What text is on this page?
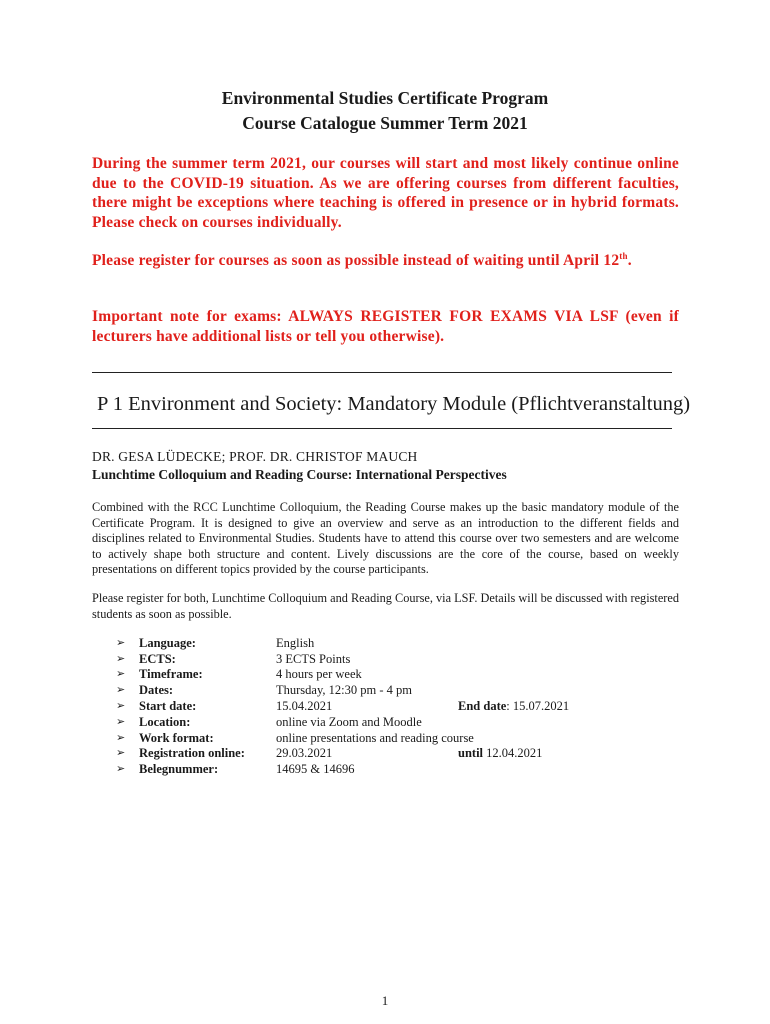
Environmental Studies Certificate Program
Course Catalogue Summer Term 2021
During the summer term 2021, our courses will start and most likely continue online due to the COVID-19 situation. As we are offering courses from different faculties, there might be exceptions where teaching is offered in presence or in hybrid formats. Please check on courses individually.
Please register for courses as soon as possible instead of waiting until April 12th.
Important note for exams: ALWAYS REGISTER FOR EXAMS VIA LSF (even if lecturers have additional lists or tell you otherwise).
P 1 Environment and Society: Mandatory Module (Pflichtveranstaltung)
DR. GESA LÜDECKE; PROF. DR. CHRISTOF MAUCH
Lunchtime Colloquium and Reading Course: International Perspectives
Combined with the RCC Lunchtime Colloquium, the Reading Course makes up the basic mandatory module of the Certificate Program. It is designed to give an overview and serve as an introduction to the different fields and disciplines related to Environmental Studies. Students have to attend this course over two semesters and are welcome to actively shape both structure and content. Lively discussions are the core of the course, based on weekly presentations on different topics provided by the course participants.
Please register for both, Lunchtime Colloquium and Reading Course, via LSF. Details will be discussed with registered students as soon as possible.
➢ Language:	English
➢ ECTS:	3 ECTS Points
➢ Timeframe:	4 hours per week
➢ Dates:	Thursday, 12:30 pm - 4 pm
➢ Start date:	15.04.2021	End date: 15.07.2021
➢ Location:	online via Zoom and Moodle
➢ Work format:	online presentations and reading course
➢ Registration online: 29.03.2021	until 12.04.2021
➢ Belegnummer:	14695 & 14696
1
